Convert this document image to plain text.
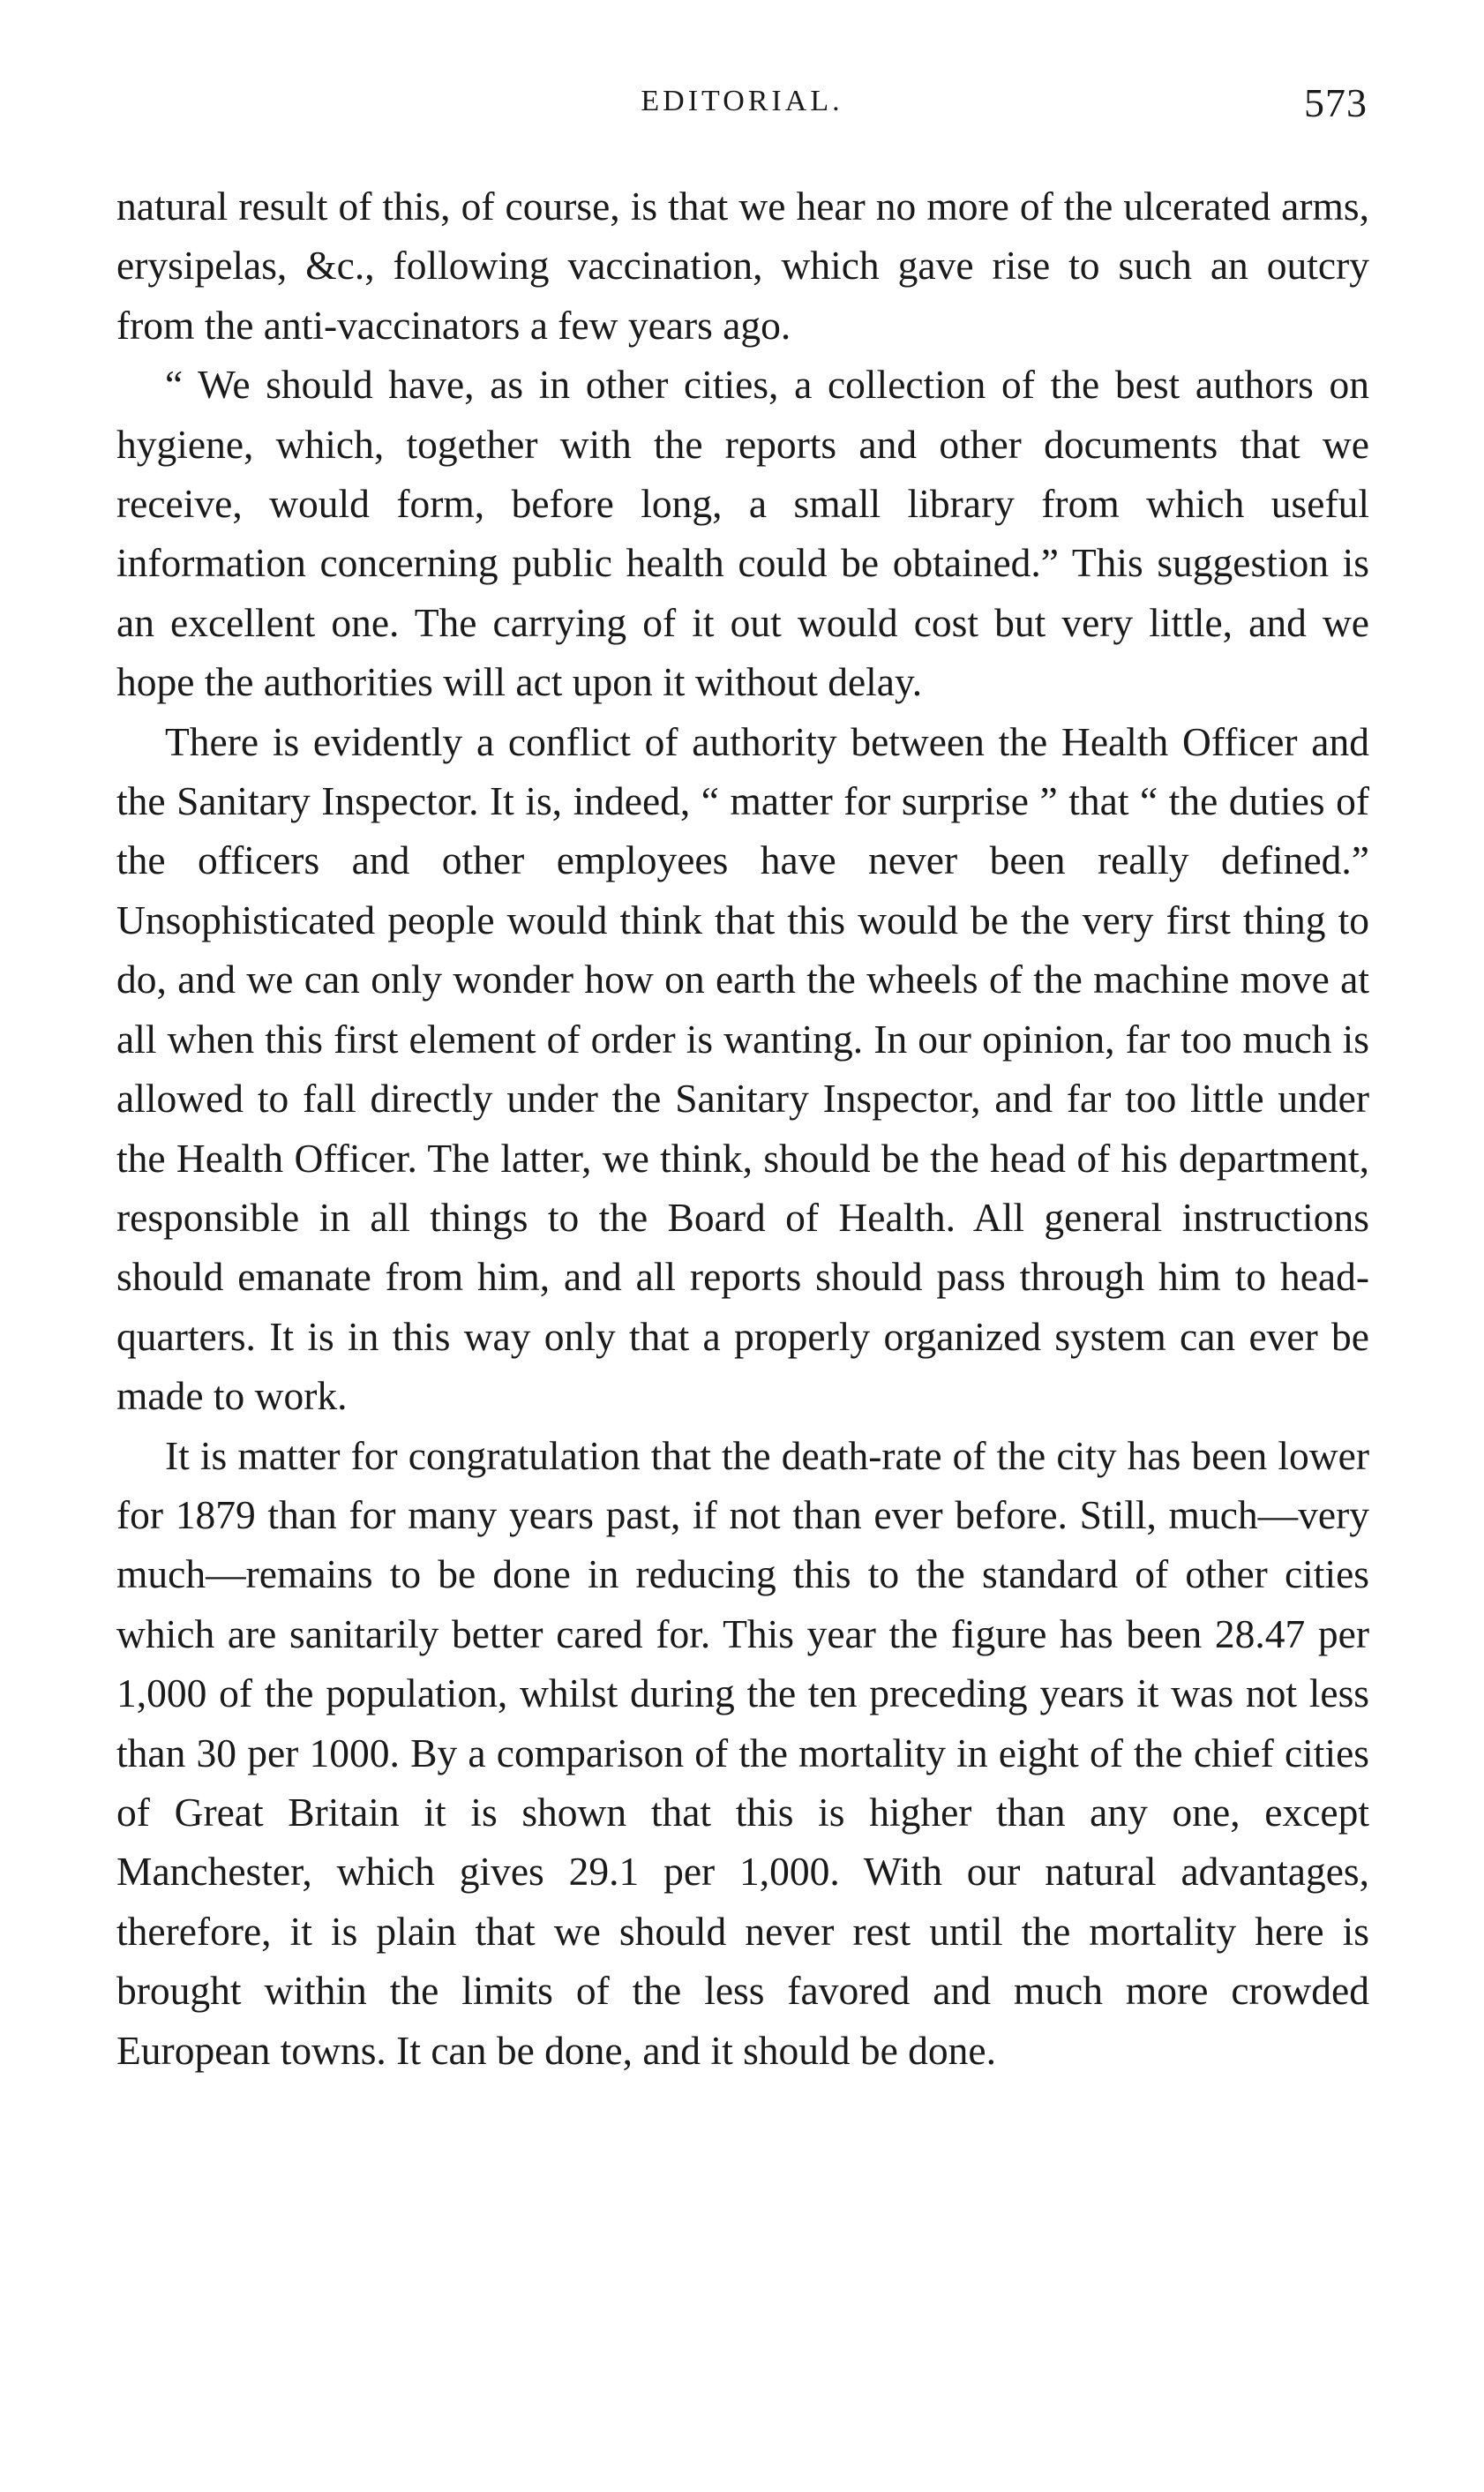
EDITORIAL.	573

natural result of this, of course, is that we hear no more of the ulcerated arms, erysipelas, &c., following vaccination, which gave rise to such an outcry from the anti-vaccinators a few years ago.

“ We should have, as in other cities, a collection of the best authors on hygiene, which, together with the reports and other documents that we receive, would form, before long, a small library from which useful information concerning public health could be obtained.” This suggestion is an excellent one. The carrying of it out would cost but very little, and we hope the authorities will act upon it without delay.

There is evidently a conflict of authority between the Health Officer and the Sanitary Inspector. It is, indeed, “ matter for surprise ” that “ the duties of the officers and other employees have never been really defined.” Unsophisticated people would think that this would be the very first thing to do, and we can only wonder how on earth the wheels of the machine move at all when this first element of order is wanting. In our opinion, far too much is allowed to fall directly under the Sanitary Inspector, and far too little under the Health Officer. The latter, we think, should be the head of his department, responsible in all things to the Board of Health. All general instructions should emanate from him, and all reports should pass through him to head-quarters. It is in this way only that a properly organized system can ever be made to work.

It is matter for congratulation that the death-rate of the city has been lower for 1879 than for many years past, if not than ever before. Still, much—very much—remains to be done in reducing this to the standard of other cities which are sanitarily better cared for. This year the figure has been 28.47 per 1,000 of the population, whilst during the ten preceding years it was not less than 30 per 1000. By a comparison of the mortality in eight of the chief cities of Great Britain it is shown that this is higher than any one, except Manchester, which gives 29.1 per 1,000. With our natural advantages, therefore, it is plain that we should never rest until the mortality here is brought within the limits of the less favored and much more crowded European towns. It can be done, and it should be done.
